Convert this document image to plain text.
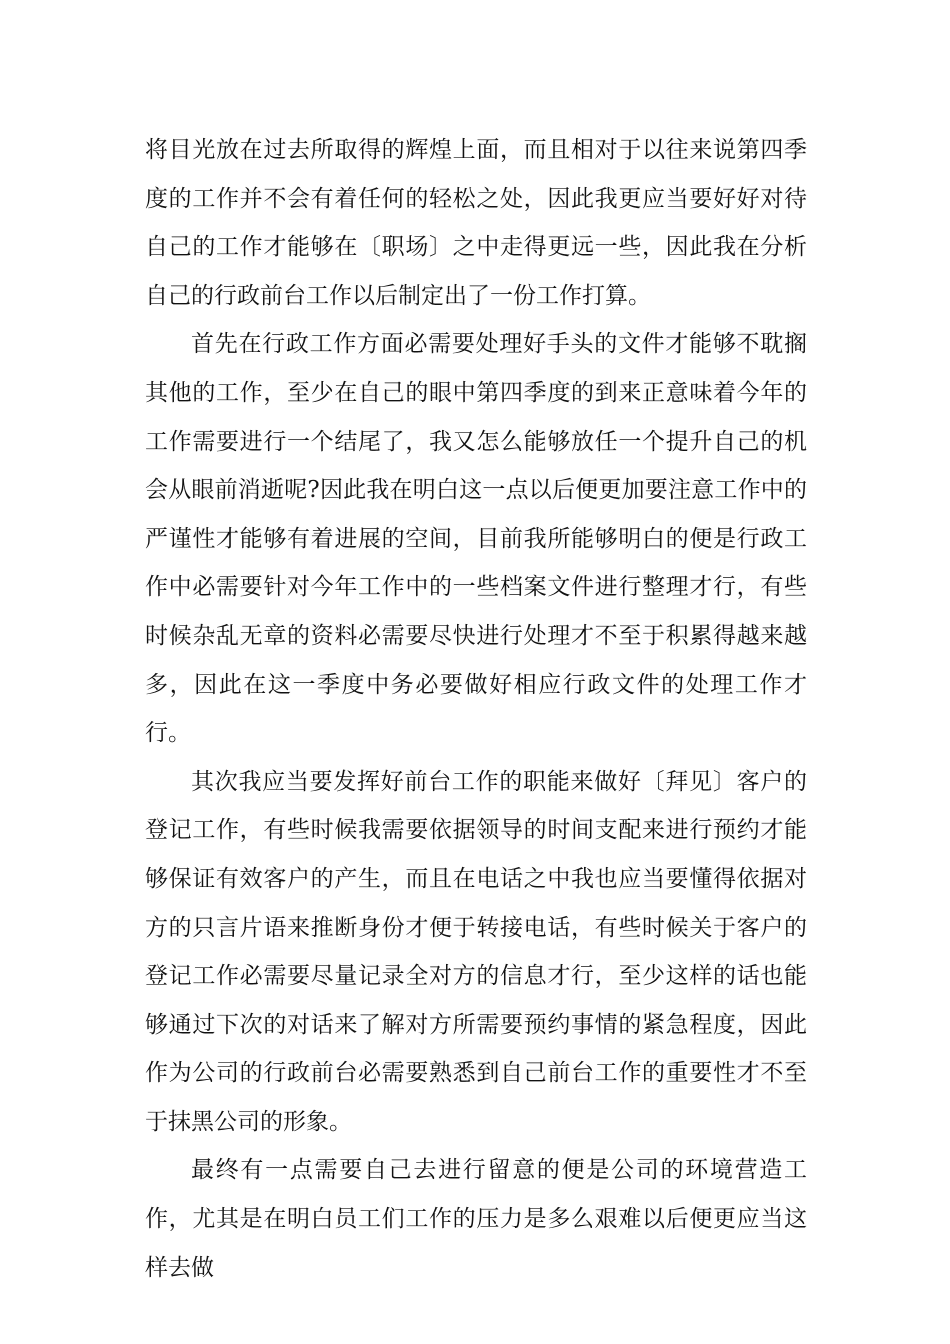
将目光放在过去所取得的辉煌上面，而且相对于以往来说第四季度的工作并不会有着任何的轻松之处，因此我更应当要好好对待自己的工作才能够在〔职场〕之中走得更远一些，因此我在分析自己的行政前台工作以后制定出了一份工作打算。

首先在行政工作方面必需要处理好手头的文件才能够不耽搁其他的工作，至少在自己的眼中第四季度的到来正意味着今年的工作需要进行一个结尾了，我又怎么能够放任一个提升自己的机会从眼前消逝呢?因此我在明白这一点以后便更加要注意工作中的严谨性才能够有着进展的空间，目前我所能够明白的便是行政工作中必需要针对今年工作中的一些档案文件进行整理才行，有些时候杂乱无章的资料必需要尽快进行处理才不至于积累得越来越多，因此在这一季度中务必要做好相应行政文件的处理工作才行。

其次我应当要发挥好前台工作的职能来做好〔拜见〕客户的登记工作，有些时候我需要依据领导的时间支配来进行预约才能够保证有效客户的产生，而且在电话之中我也应当要懂得依据对方的只言片语来推断身份才便于转接电话，有些时候关于客户的登记工作必需要尽量记录全对方的信息才行，至少这样的话也能够通过下次的对话来了解对方所需要预约事情的紧急程度，因此作为公司的行政前台必需要熟悉到自己前台工作的重要性才不至于抹黑公司的形象。

最终有一点需要自己去进行留意的便是公司的环境营造工作，尤其是在明白员工们工作的压力是多么艰难以后便更应当这样去做
